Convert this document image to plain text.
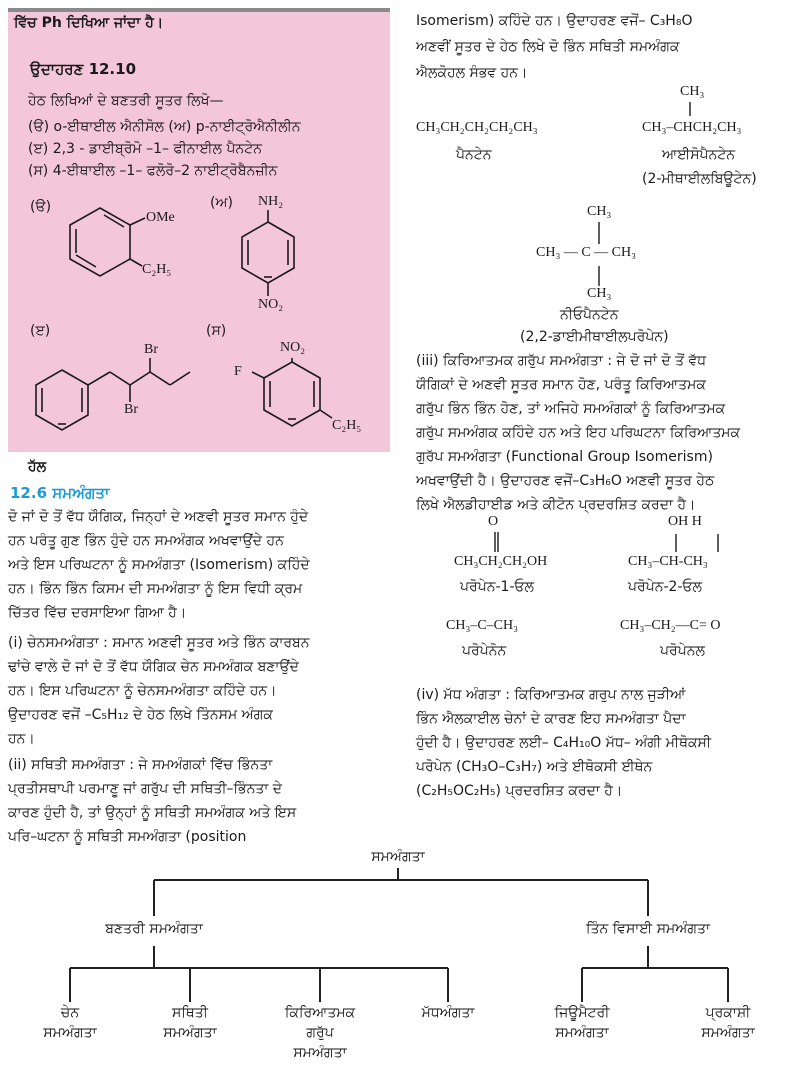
ਵਿੱਚ Ph ਦਿਖਿਆ ਜਾਂਦਾ ਹੈ।
ਉਦਾਹਰਣ 12.10
ਹੇਠ ਲਿਖਿਆਂ ਦੇ ਬਣਤਰੀ ਸੂਤਰ ਲਿਖੋ—
(ੳ) o-ਈਥਾਈਲ ਐਨੀਸੋਲ (ਅ) p-ਨਾਈਟ੍ਰੋਐਨੀਲੀਨ
(ੲ) 2,3 - ਡਾਈਬ੍ਰੋਮੋ –1– ਫੀਨਾਈਲ ਪੈਨਟੇਨ
(ਸ) 4-ਈਥਾਈਲ –1– ਫਲੋਰੋ–2 ਨਾਈਟ੍ਰੋਬੈਨਜ਼ੀਨ
(ੳ)	(ਅ)
(ੲ)	(ਸ)
OMe
C₂H₅
NH₂
NO₂
Br
Br
NO₂
F
C₂H₅
ਹੱਲ
12.6 ਸਮਅੰਗਤਾ
ਦੋ ਜਾਂ ਦੋ ਤੋਂ ਵੱਧ ਯੌਗਿਕ, ਜਿਨ੍ਹਾਂ ਦੇ ਅਣਵੀ ਸੂਤਰ ਸਮਾਨ ਹੁੰਦੇ
ਹਨ ਪਰੰਤੂ ਗੁਣ ਭਿੰਨ ਹੁੰਦੇ ਹਨ ਸਮਅੰਗਕ ਅਖਵਾਉਂਦੇ ਹਨ
ਅਤੇ ਇਸ ਪਰਿਘਟਨਾ ਨੂੰ ਸਮਅੰਗਤਾ (Isomerism) ਕਹਿੰਦੇ
ਹਨ। ਭਿੰਨ ਭਿੰਨ ਕਿਸਮ ਦੀ ਸਮਅੰਗਤਾ ਨੂੰ ਇਸ ਵਿਧੀ ਕ੍ਰਮ
ਚਿੱਤਰ ਵਿੱਚ ਦਰਸਾਇਆ ਗਿਆ ਹੈ।
(i) ਚੇਨਸਮਅੰਗਤਾ : ਸਮਾਨ ਅਣਵੀ ਸੂਤਰ ਅਤੇ ਭਿੰਨ ਕਾਰਬਨ
ਢਾਂਚੇ ਵਾਲੇ ਦੋ ਜਾਂ ਦੋ ਤੋਂ ਵੱਧ ਯੌਗਿਕ ਚੇਨ ਸਮਅੰਗਕ ਬਣਾਉਂਦੇ
ਹਨ। ਇਸ ਪਰਿਘਟਨਾ ਨੂੰ ਚੇਨਸਮਅੰਗਤਾ ਕਹਿੰਦੇ ਹਨ।
ਉਦਾਹਰਣ ਵਜੋਂ –C₅H₁₂ ਦੇ ਹੇਠ ਲਿਖੇ ਤਿੰਨਸਮ ਅੰਗਕ
ਹਨ।
(ii) ਸਥਿਤੀ ਸਮਅੰਗਤਾ : ਜੇ ਸਮਅੰਗਕਾਂ ਵਿੱਚ ਭਿੰਨਤਾ
ਪ੍ਰਤੀਸਥਾਪੀ ਪਰਮਾਣੂ ਜਾਂ ਗਰੁੱਪ ਦੀ ਸਥਿਤੀ–ਭਿੰਨਤਾ ਦੇ
ਕਾਰਣ ਹੁੰਦੀ ਹੈ, ਤਾਂ ਉਨ੍ਹਾਂ ਨੂੰ ਸਥਿਤੀ ਸਮਅੰਗਕ ਅਤੇ ਇਸ
ਪਰਿ–ਘਟਨਾ ਨੂੰ ਸਥਿਤੀ ਸਮਅੰਗਤਾ (position
Isomerism) ਕਹਿੰਦੇ ਹਨ। ਉਦਾਹਰਣ ਵਜੋਂ– C₃H₈O
ਅਣਵੀਂ ਸੂਤਰ ਦੇ ਹੇਠ ਲਿਖੇ ਦੋ ਭਿੰਨ ਸਥਿਤੀ ਸਮਅੰਗਕ
ਐਲਕੋਹਲ ਸੰਭਵ ਹਨ।
CH₃
CH₃CH₂CH₂CH₂CH₃	CH₃–CHCH₂CH₃
ਪੈਨਟੇਨ	ਆਈਸੋਪੈਨਟੇਨ
(2-ਮੀਥਾਈਲਬਿਊਟੇਨ)
CH₃
CH₃ — C — CH₃
CH₃
ਨੀਓਪੈਨਟੇਨ
(2,2-ਡਾਈਮੀਥਾਈਲਪਰੋਪੇਨ)
(iii) ਕਿਰਿਆਤਮਕ ਗਰੁੱਪ ਸਮਅੰਗਤਾ : ਜੇ ਦੋ ਜਾਂ ਦੋ ਤੋਂ ਵੱਧ
ਯੌਗਿਕਾਂ ਦੇ ਅਣਵੀ ਸੂਤਰ ਸਮਾਨ ਹੋਣ, ਪਰੰਤੂ ਕਿਰਿਆਤਮਕ
ਗਰੁੱਪ ਭਿੰਨ ਭਿੰਨ ਹੋਣ, ਤਾਂ ਅਜਿਹੇ ਸਮਅੰਗਕਾਂ ਨੂੰ ਕਿਰਿਆਤਮਕ
ਗਰੁੱਪ ਸਮਅੰਗਕ ਕਹਿੰਦੇ ਹਨ ਅਤੇ ਇਹ ਪਰਿਘਟਨਾ ਕਿਰਿਆਤਮਕ
ਗੁਰੱਪ ਸਮਅੰਗਤਾ (Functional Group Isomerism)
ਅਖਵਾਉਂਦੀ ਹੈ। ਉਦਾਹਰਣ ਵਜੋਂ–C₃H₆O ਅਣਵੀ ਸੂਤਰ ਹੇਠ
ਲਿਖੇ ਐਲਡੀਹਾਈਡ ਅਤੇ ਕੀਟੋਨ ਪ੍ਰਦਰਸ਼ਿਤ ਕਰਦਾ ਹੈ।
O	OH H
CH₃CH₂CH₂OH	CH₃–CH-CH₃
ਪਰੋਪੇਨ-1-ਓਲ	ਪਰੋਪੇਨ-2-ਓਲ
CH₃–C–CH₃	CH₃–CH₂—C= O
ਪਰੋਪੇਨੋਨ	ਪਰੋਪੇਨਲ
(iv) ਮੱਧ ਅੰਗਤਾ : ਕਿਰਿਆਤਮਕ ਗਰੁਪ ਨਾਲ ਜੁੜੀਆਂ
ਭਿੰਨ ਐਲਕਾਈਲ ਚੇਨਾਂ ਦੇ ਕਾਰਣ ਇਹ ਸਮਅੰਗਤਾ ਪੈਦਾ
ਹੁੰਦੀ ਹੈ। ਉਦਾਹਰਣ ਲਈ– C₄H₁₀O ਮੱਧ– ਅੰਗੀ ਮੀਥੋਕਸੀ
ਪਰੋਪੇਨ (CH₃O–C₃H₇) ਅਤੇ ਈਥੋਕਸੀ ਈਥੇਨ
(C₂H₅OC₂H₅) ਪ੍ਰਦਰਸ਼ਿਤ ਕਰਦਾ ਹੈ।
ਸਮਅੰਗਤਾ
ਬਣਤਰੀ ਸਮਅੰਗਤਾ	ਤਿੰਨ ਵਿਸਾਈ ਸਮਅੰਗਤਾ
ਚੇਨ
ਸਮਅੰਗਤਾ
ਸਥਿਤੀ
ਸਮਅੰਗਤਾ
ਕਿਰਿਆਤਮਕ
ਗਰੁੱਪ
ਸਮਅੰਗਤਾ
ਮੱਧਅੰਗਤਾ	ਜਿਊਮੈਟਰੀ
ਸਮਅੰਗਤਾ
ਪ੍ਰਕਾਸ਼ੀ
ਸਮਅੰਗਤਾ
